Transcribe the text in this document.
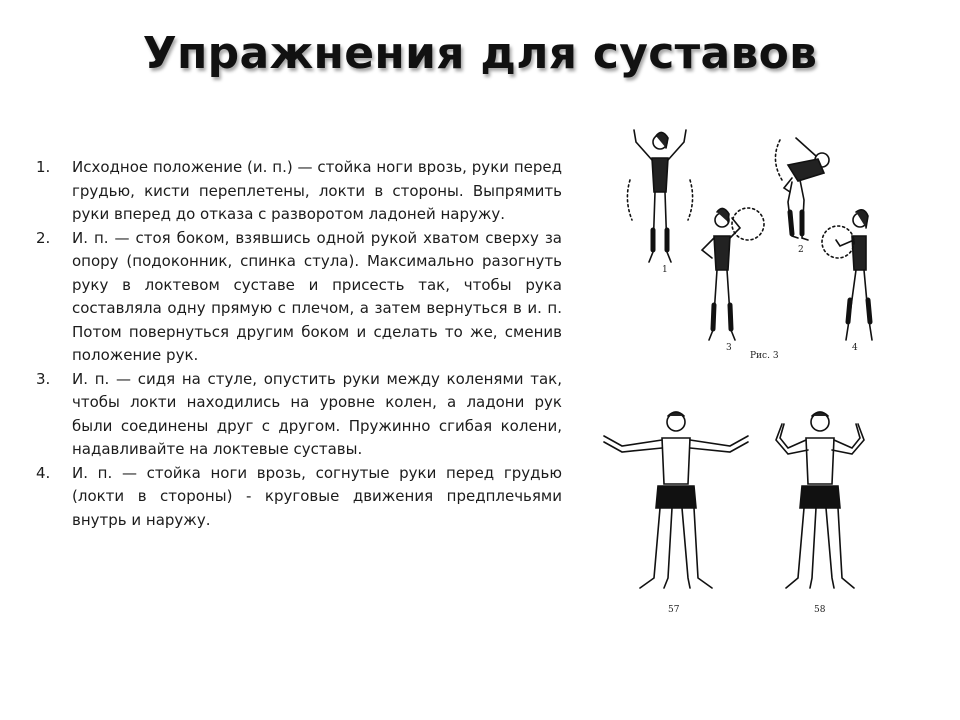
Упражнения для суставов
1. Исходное положение (и. п.) — стойка ноги врозь, руки перед грудью, кисти переплетены, локти в стороны. Выпрямить руки вперед до отказа с разворотом ладоней наружу.
2. И. п. — стоя боком, взявшись одной рукой хватом сверху за опору (подоконник, спинка стула). Максимально разогнуть руку в локтевом суставе и присесть так, чтобы рука составляла одну прямую с плечом, а затем вернуться в и. п. Потом повернуться другим боком и сделать то же, сменив положение рук.
3. И. п. — сидя на стуле, опустить руки между коленями так, чтобы локти находились на уровне колен, а ладони рук были соединены друг с другом. Пружинно сгибая колени, надавливайте на локтевые суставы.
4. И. п. — стойка ноги врозь, согнутые руки перед грудью (локти в стороны) - круговые движения предплечьями внутрь и наружу.
1
2
3	4
Рис. 3
57	58
